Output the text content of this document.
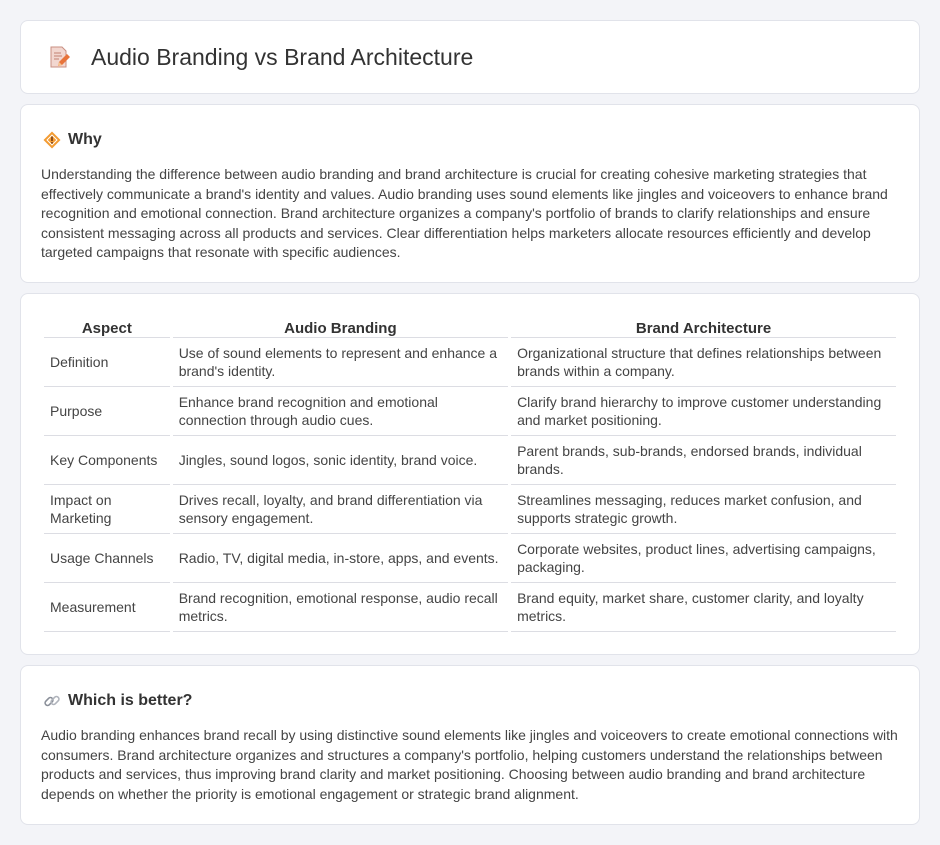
Audio Branding vs Brand Architecture
Why

Understanding the difference between audio branding and brand architecture is crucial for creating cohesive marketing strategies that effectively communicate a brand's identity and values. Audio branding uses sound elements like jingles and voiceovers to enhance brand recognition and emotional connection. Brand architecture organizes a company's portfolio of brands to clarify relationships and ensure consistent messaging across all products and services. Clear differentiation helps marketers allocate resources efficiently and develop targeted campaigns that resonate with specific audiences.

Aspect	Audio Branding	Brand Architecture
Definition	Use of sound elements to represent and enhance a brand's identity.	Organizational structure that defines relationships between brands within a company.
Purpose	Enhance brand recognition and emotional connection through audio cues.	Clarify brand hierarchy to improve customer understanding and market positioning.
Key Components	Jingles, sound logos, sonic identity, brand voice.	Parent brands, sub-brands, endorsed brands, individual brands.
Impact on Marketing	Drives recall, loyalty, and brand differentiation via sensory engagement.	Streamlines messaging, reduces market confusion, and supports strategic growth.
Usage Channels	Radio, TV, digital media, in-store, apps, and events.	Corporate websites, product lines, advertising campaigns, packaging.
Measurement	Brand recognition, emotional response, audio recall metrics.	Brand equity, market share, customer clarity, and loyalty metrics.
Which is better?

Audio branding enhances brand recall by using distinctive sound elements like jingles and voiceovers to create emotional connections with consumers. Brand architecture organizes and structures a company's portfolio, helping customers understand the relationships between products and services, thus improving brand clarity and market positioning. Choosing between audio branding and brand architecture depends on whether the priority is emotional engagement or strategic brand alignment.
